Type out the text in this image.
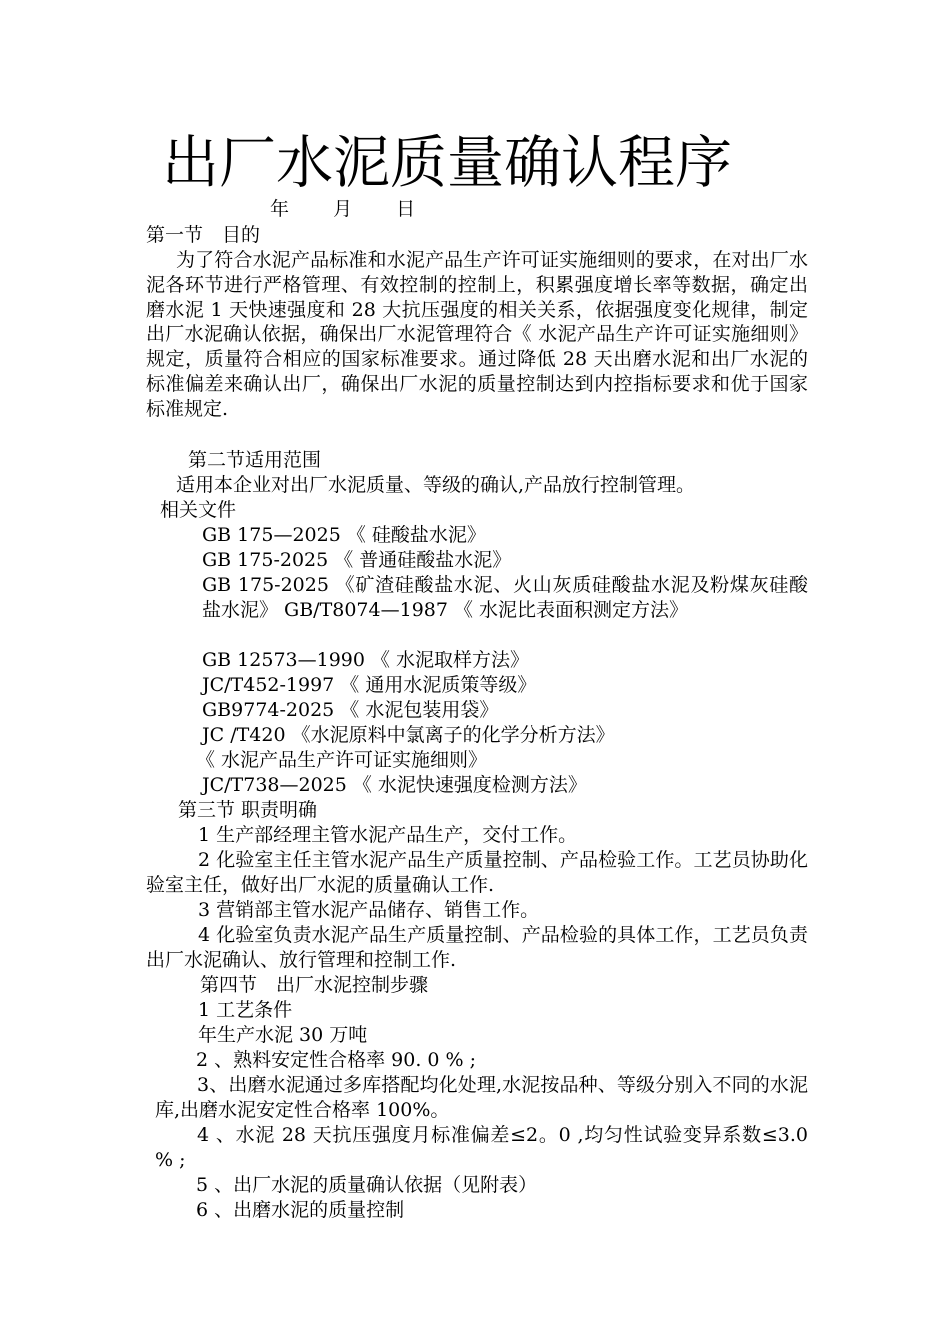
出厂水泥质量确认程序
年 月 日
第一节　目的
为了符合水泥产品标准和水泥产品生产许可证实施细则的要求，在对出厂水泥各环节进行严格管理、有效控制的控制上，积累强度增长率等数据，确定出磨水泥 1 天快速强度和 28 大抗压强度的相关关系，依据强度变化规律，制定出厂水泥确认依据，确保出厂水泥管理符合《 水泥产品生产许可证实施细则》 规定，质量符合相应的国家标准要求。通过降低 28 天出磨水泥和出厂水泥的标准偏差来确认出厂，确保出厂水泥的质量控制达到内控指标要求和优于国家标准规定.
第二节适用范围
适用本企业对出厂水泥质量、等级的确认,产品放行控制管理。
相关文件
GB 175—2025 《 硅酸盐水泥》
GB 175-2025 《 普通硅酸盐水泥》
GB 175-2025 《矿渣硅酸盐水泥、火山灰质硅酸盐水泥及粉煤灰硅酸盐水泥》 GB/T8074—1987 《 水泥比表面积测定方法》
GB 12573—1990 《 水泥取样方法》
JC/T452-1997 《 通用水泥质策等级》
GB9774-2025 《 水泥包装用袋》
JC /T420 《水泥原料中氯离子的化学分析方法》
《 水泥产品生产许可证实施细则》
JC/T738—2025 《 水泥快速强度检测方法》
第三节 职责明确
1 生产部经理主管水泥产品生产，交付工作。
2 化验室主任主管水泥产品生产质量控制、产品检验工作。工艺员协助化验室主任，做好出厂水泥的质量确认工作.
3 营销部主管水泥产品储存、销售工作。
4 化验室负责水泥产品生产质量控制、产品检验的具体工作，工艺员负责出厂水泥确认、放行管理和控制工作.
第四节　出厂水泥控制步骤
1 工艺条件
年生产水泥 30 万吨
2 、熟料安定性合格率 90. 0 % ;
3、出磨水泥通过多库搭配均化处理,水泥按品种、等级分别入不同的水泥库,出磨水泥安定性合格率 100%。
4 、水泥 28 天抗压强度月标准偏差≤2。0 ,均匀性试验变异系数≤3.0 % ;
5 、出厂水泥的质量确认依据（见附表）
6 、出磨水泥的质量控制
